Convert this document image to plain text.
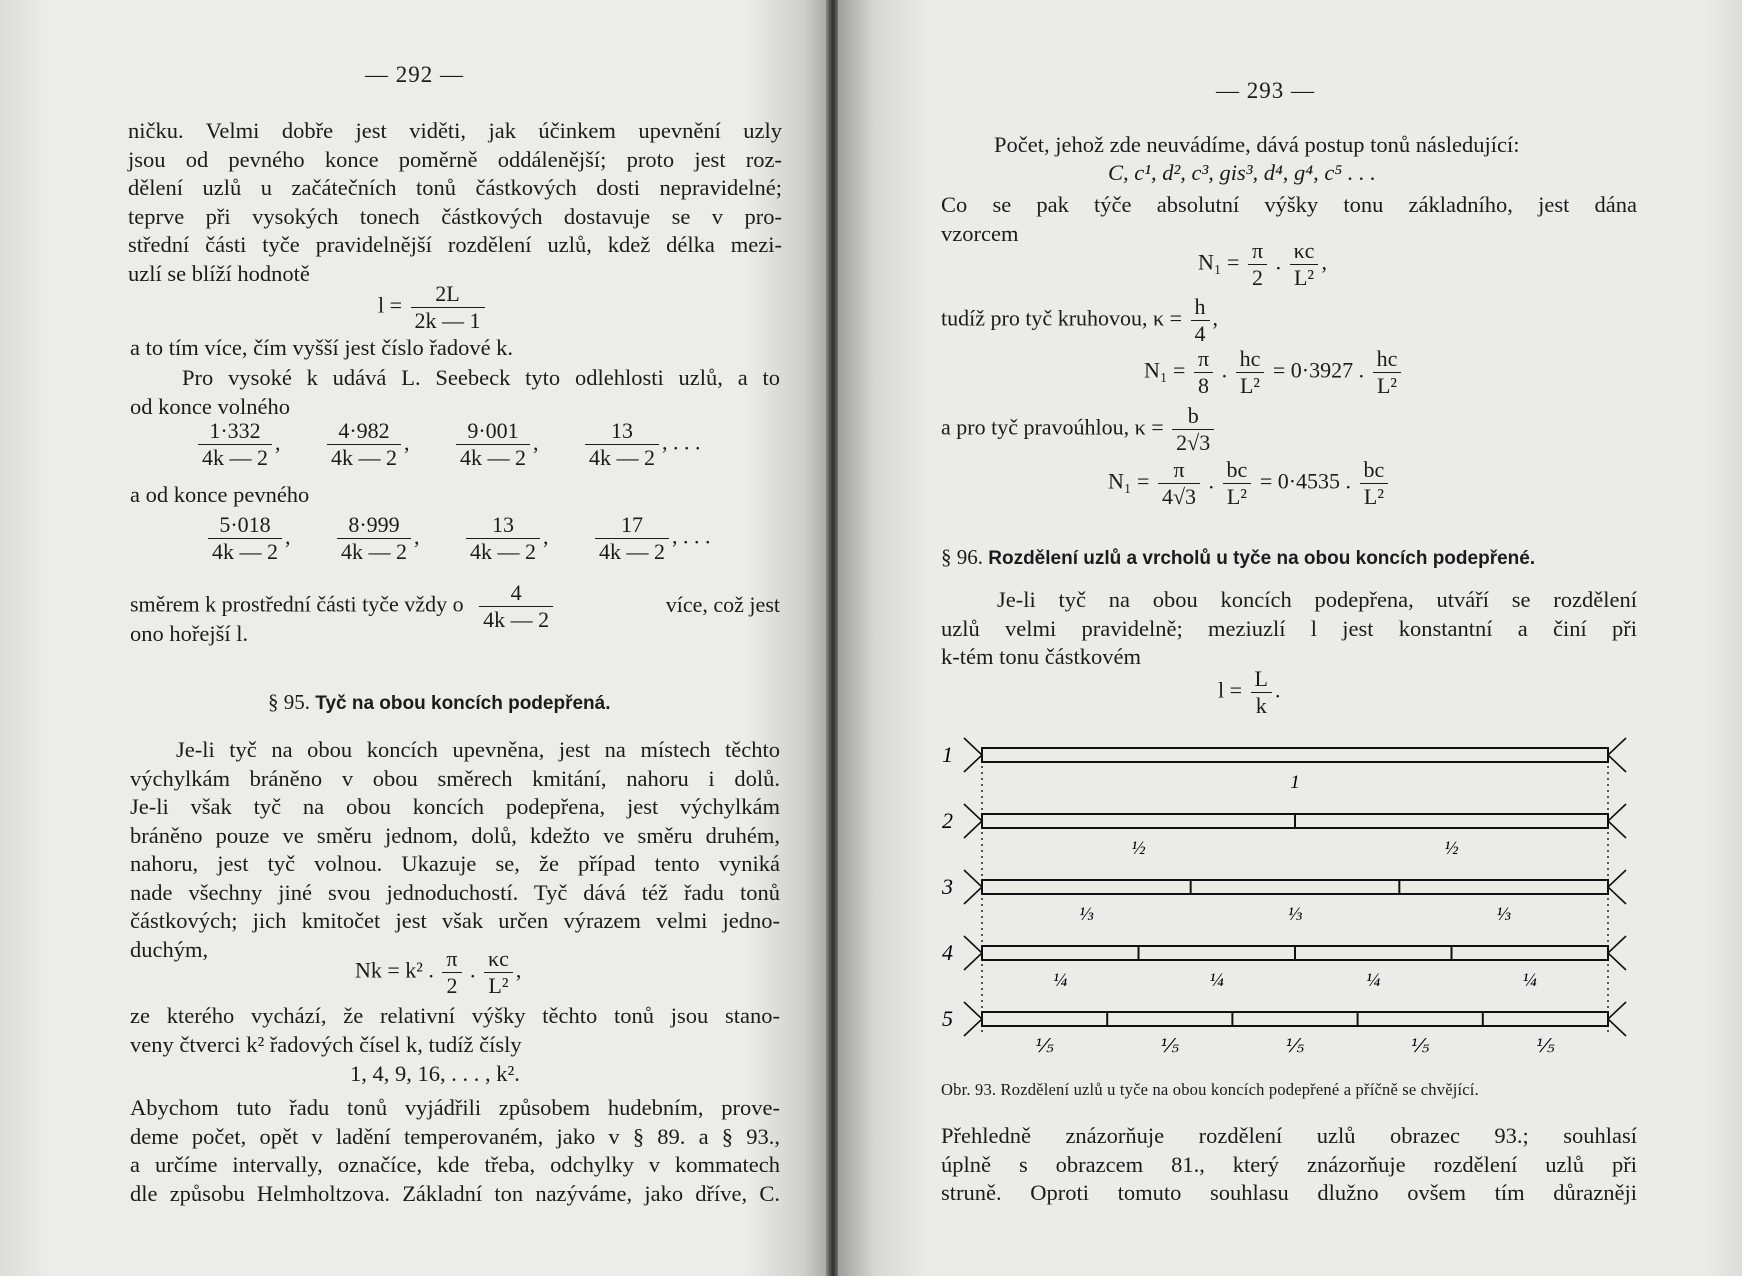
— 292 —
ničku. Velmi dobře jest viděti, jak účinkem upevnění uzly
jsou od pevného konce poměrně oddálenější; proto jest roz-
dělení uzlů u začátečních tonů částkových dosti nepravidelné;
teprve při vysokých tonech částkových dostavuje se v pro-
střední části tyče pravidelnější rozdělení uzlů, kdež délka mezi-
uzlí se blíží hodnotě
$l = \frac{2L}{2k — 1}$
a to tím více, čím vyšší jest číslo řadové k.
Pro vysoké k udává L. Seebeck tyto odlehlosti uzlů, a to
od konce volného
$\frac{1\cdot 332}{4k — 2}$ , $\frac{4\cdot 982}{4k — 2}$ , $\frac{9\cdot 001}{4k — 2}$ , $\frac{13}{4k — 2}$ , . . .
a od konce pevného
$\frac{5\cdot 018}{4k — 2}$ , $\frac{8\cdot 999}{4k — 2}$ , $\frac{13}{4k — 2}$ , $\frac{17}{4k — 2}$ , . . .
směrem k prostřední části tyče vždy o $\frac{4}{4k — 2}$	více, což jest
ono hořejší l.
§ 95. Tyč na obou koncích podepřená.
Je-li tyč na obou koncích upevněna, jest na místech těchto
výchylkám bráněno v obou směrech kmitání, nahoru i dolů.
Je-li však tyč na obou koncích podepřena, jest výchylkám
bráněno pouze ve směru jednom, dolů, kdežto ve směru druhém,
nahoru, jest tyč volnou. Ukazuje se, že případ tento vyniká
nade všechny jiné svou jednoduchostí. Tyč dává též řadu tonů
částkových; jich kmitočet jest však určen výrazem velmi jedno-
duchým,
Nk = k² . $\frac{\pi}{2}$ . $\frac{\kappa c}{\text{L²}}$ ,
ze kterého vychází, že relativní výšky těchto tonů jsou stano-
veny čtverci k² řadových čísel k, tudíž čísly
1, 4, 9, 16, . . . , k².
Abychom tuto řadu tonů vyjádřili způsobem hudebním, prove-
deme počet, opět v ladění temperovaném, jako v § 89. a § 93.,
a určíme intervally, označíce, kde třeba, odchylky v kommatech
dle způsobu Helmholtzova. Základní ton nazýváme, jako dříve, C.
— 293 —
Počet, jehož zde neuvádíme, dává postup tonů následující:
C, c¹, d², c³, gis³, d⁴, g⁴, c⁵ . . .
Co se pak týče absolutní výšky tonu základního, jest dána
vzorcem
$N_1 = \frac{\pi}{2}$ . $\frac{\kappa c}{\text{L²}}$ ,
tudíž pro tyč kruhovou, $\kappa = \frac{h}{4}$ ,
$N_1 = \frac{\pi}{8}$ . $\frac{hc}{\text{L²}} = 0\cdot 3927$ . $\frac{hc}{\text{L²}}$
a pro tyč pravoúhlou, $\kappa = \frac{b}{2√3}$
$N_1 = \frac{\pi}{4√3}$ . $\frac{bc}{\text{L²}} = 0\cdot 4535$ . $\frac{bc}{\text{L²}}$
§ 96. Rozdělení uzlů a vrcholů u tyče na obou koncích podepřené.
Je-li tyč na obou koncích podepřena, utváří se rozdělení
uzlů velmi pravidelně; meziuzlí l jest konstantní a činí při
k-tém tonu částkovém
$l = \frac{L}{k}$ .
1
1
2
½	½
3
⅓	⅓	⅓
4
¼	¼	¼	¼
5
⅕	⅕	⅕	⅕	⅕
Obr. 93. Rozdělení uzlů u tyče na obou koncích podepřené a příčně se chvějící.
Přehledně znázorňuje rozdělení uzlů obrazec 93.; souhlasí
úplně s obrazcem 81., který znázorňuje rozdělení uzlů při
struně. Oproti tomuto souhlasu dlužno ovšem tím důrazněji
